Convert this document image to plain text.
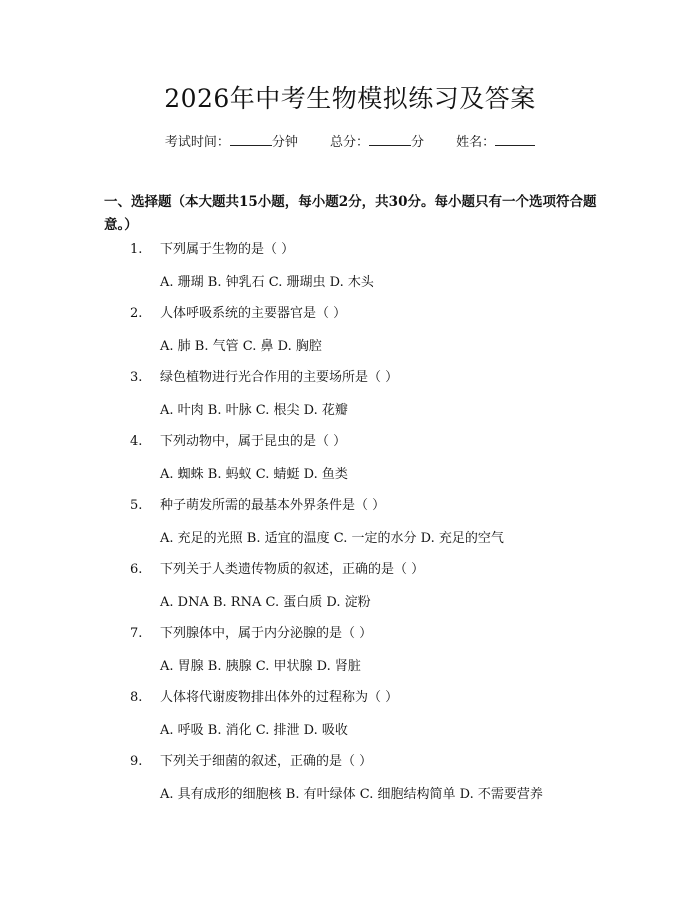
2026年中考生物模拟练习及答案
考试时间：	分钟 总分：	分 姓名：
一、选择题（本大题共15小题，每小题2分，共30分。每小题只有一个选项符合题意。）
1. 下列属于生物的是（ ）
A. 珊瑚 B. 钟乳石 C. 珊瑚虫 D. 木头
2. 人体呼吸系统的主要器官是（ ）
A. 肺 B. 气管 C. 鼻 D. 胸腔
3. 绿色植物进行光合作用的主要场所是（ ）
A. 叶肉 B. 叶脉 C. 根尖 D. 花瓣
4. 下列动物中，属于昆虫的是（ ）
A. 蜘蛛 B. 蚂蚁 C. 蜻蜓 D. 鱼类
5. 种子萌发所需的最基本外界条件是（ ）
A. 充足的光照 B. 适宜的温度 C. 一定的水分 D. 充足的空气
6. 下列关于人类遗传物质的叙述，正确的是（ ）
A. DNA B. RNA C. 蛋白质 D. 淀粉
7. 下列腺体中，属于内分泌腺的是（ ）
A. 胃腺 B. 胰腺 C. 甲状腺 D. 肾脏
8. 人体将代谢废物排出体外的过程称为（ ）
A. 呼吸 B. 消化 C. 排泄 D. 吸收
9. 下列关于细菌的叙述，正确的是（ ）
A. 具有成形的细胞核 B. 有叶绿体 C. 细胞结构简单 D. 不需要营养
